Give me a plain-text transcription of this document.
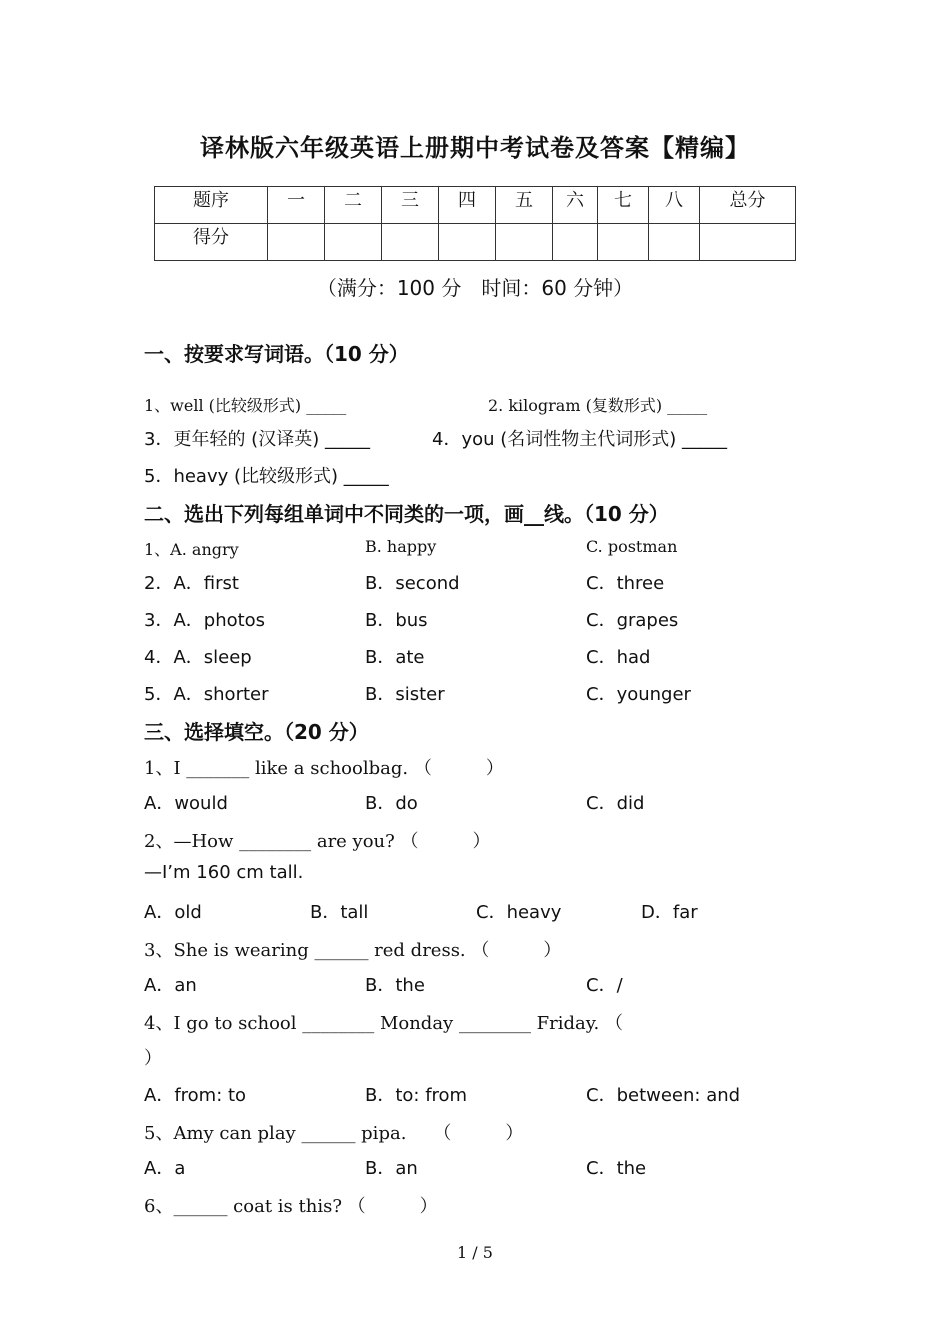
译林版六年级英语上册期中考试卷及答案【精编】
题序	一	二	三	四	五	六	七	八	总分
得分									
（满分：100 分　时间：60 分钟）
一、按要求写词语。（10 分）
1、well (比较级形式) _____	2. kilogram (复数形式) _____
3．更年轻的 (汉译英) _____	4．you (名词性物主代词形式) _____
5．heavy (比较级形式) _____
二、选出下列每组单词中不同类的一项，画__线。（10 分）
1、A. angry	B. happy	C. postman
2．A．first	B．second	C．three
3．A．photos	B．bus	C．grapes
4．A．sleep	B．ate	C．had
5．A．shorter	B．sister	C．younger
三、选择填空。（20 分）
1、I _______ like a schoolbag. （　　　）
A．would	B．do	C．did
2、—How ________ are you? （　　　）
—I’m 160 cm tall.
A．old	B．tall	C．heavy	D．far
3、She is wearing ______ red dress. （　　　）
A．an	B．the	C．/
4、I go to school ________ Monday ________ Friday. （
）
A．from: to	B．to: from	C．between: and
5、Amy can play ______ pipa.　　（　　　）
A．a	B．an	C．the
6、______ coat is this? （　　　）
1 / 5
